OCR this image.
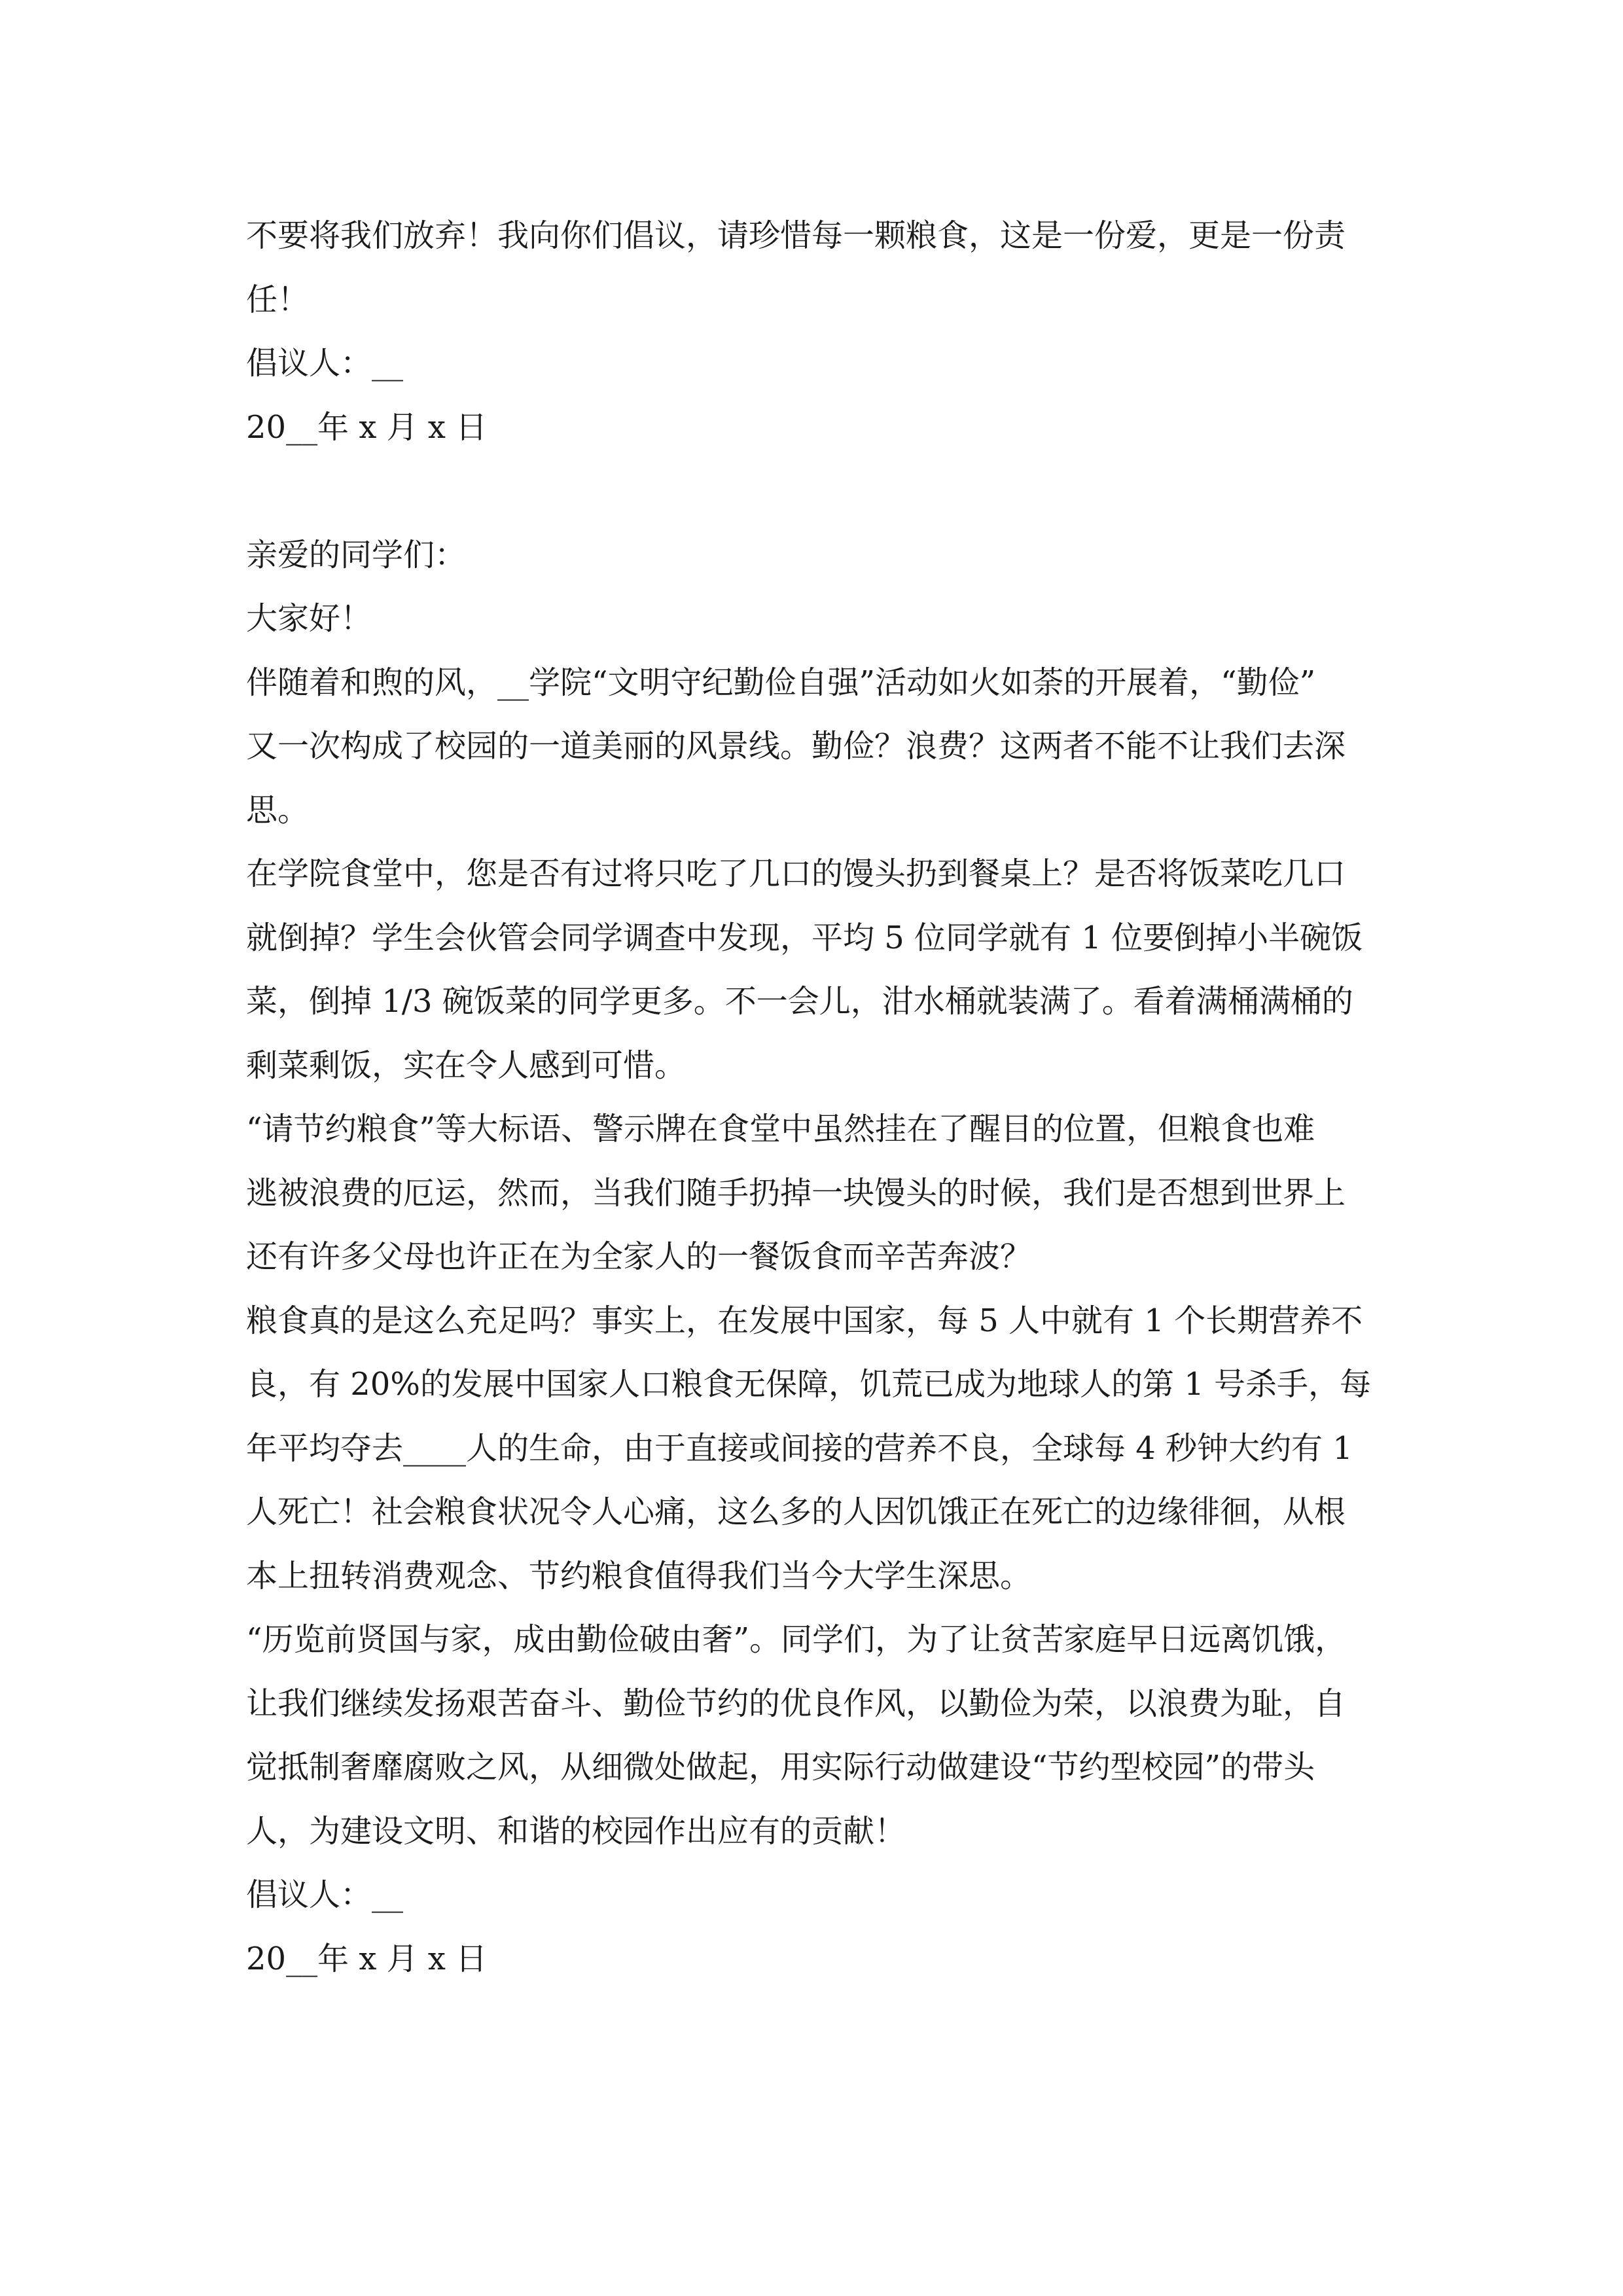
不要将我们放弃！我向你们倡议，请珍惜每一颗粮食，这是一份爱，更是一份责
任！
倡议人：__
20__年 x 月 x 日
亲爱的同学们：
大家好！
伴随着和煦的风，__学院“文明守纪勤俭自强”活动如火如荼的开展着，“勤俭”
又一次构成了校园的一道美丽的风景线。勤俭？浪费？这两者不能不让我们去深
思。
在学院食堂中，您是否有过将只吃了几口的馒头扔到餐桌上？是否将饭菜吃几口
就倒掉？学生会伙管会同学调查中发现，平均 5 位同学就有 1 位要倒掉小半碗饭
菜，倒掉 1/3 碗饭菜的同学更多。不一会儿，泔水桶就装满了。看着满桶满桶的
剩菜剩饭，实在令人感到可惜。
“请节约粮食”等大标语、警示牌在食堂中虽然挂在了醒目的位置，但粮食也难
逃被浪费的厄运，然而，当我们随手扔掉一块馒头的时候，我们是否想到世界上
还有许多父母也许正在为全家人的一餐饭食而辛苦奔波？
粮食真的是这么充足吗？事实上，在发展中国家，每 5 人中就有 1 个长期营养不
良，有 20%的发展中国家人口粮食无保障，饥荒已成为地球人的第 1 号杀手，每
年平均夺去____人的生命，由于直接或间接的营养不良，全球每 4 秒钟大约有 1
人死亡！社会粮食状况令人心痛，这么多的人因饥饿正在死亡的边缘徘徊，从根
本上扭转消费观念、节约粮食值得我们当今大学生深思。
“历览前贤国与家，成由勤俭破由奢”。同学们，为了让贫苦家庭早日远离饥饿，
让我们继续发扬艰苦奋斗、勤俭节约的优良作风，以勤俭为荣，以浪费为耻，自
觉抵制奢靡腐败之风，从细微处做起，用实际行动做建设“节约型校园”的带头
人，为建设文明、和谐的校园作出应有的贡献！
倡议人：__
20__年 x 月 x 日
